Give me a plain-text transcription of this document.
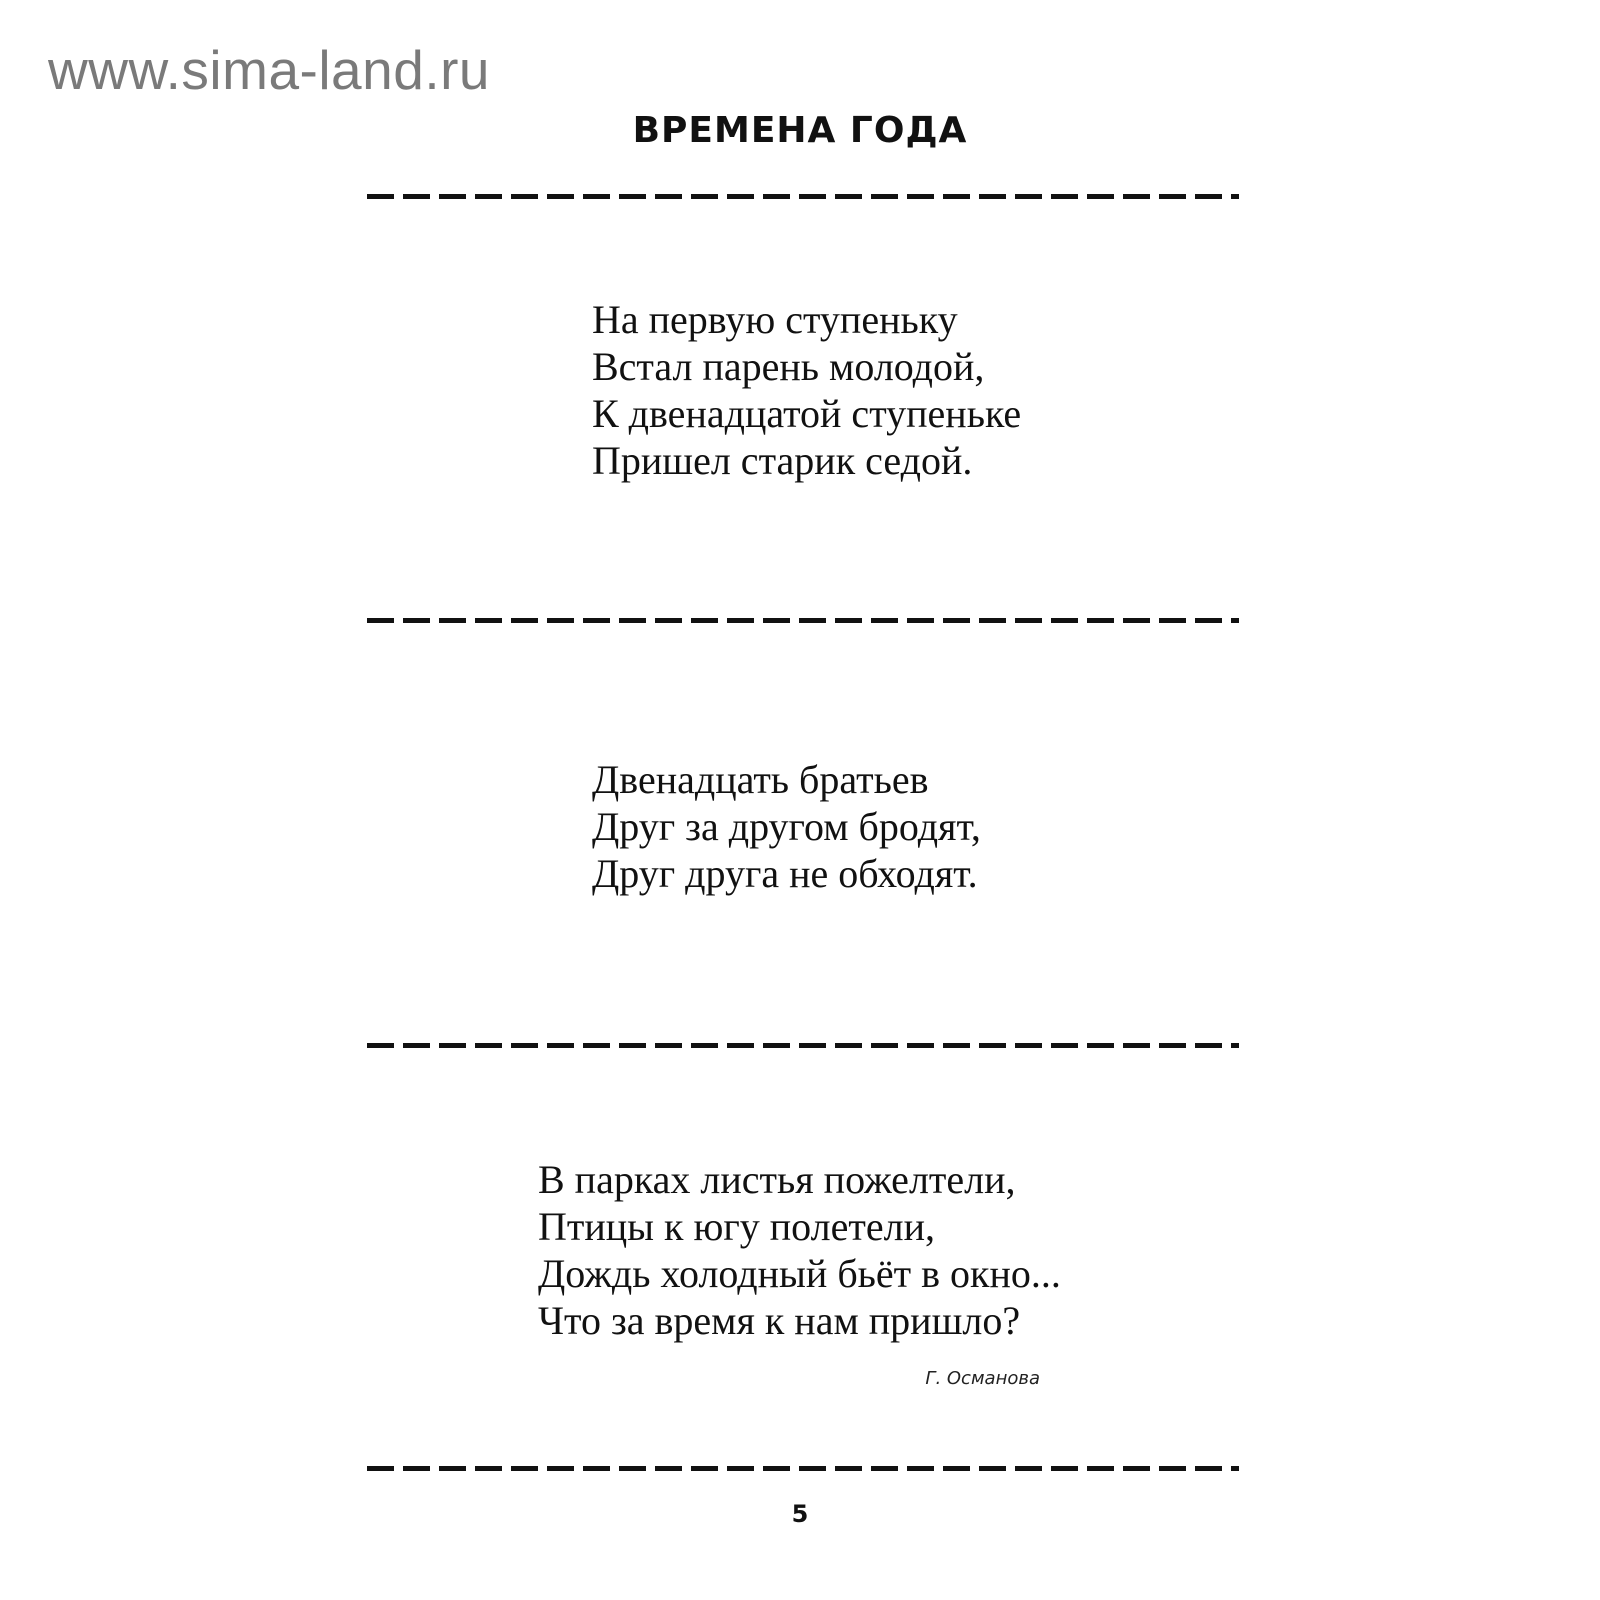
www.sima-land.ru
ВРЕМЕНА ГОДА
На первую ступеньку
Встал парень молодой,
К двенадцатой ступеньке
Пришел старик седой.
Двенадцать братьев
Друг за другом бродят,
Друг друга не обходят.
В парках листья пожелтели,
Птицы к югу полетели,
Дождь холодный бьёт в окно...
Что за время к нам пришло?
Г. Османова
5
